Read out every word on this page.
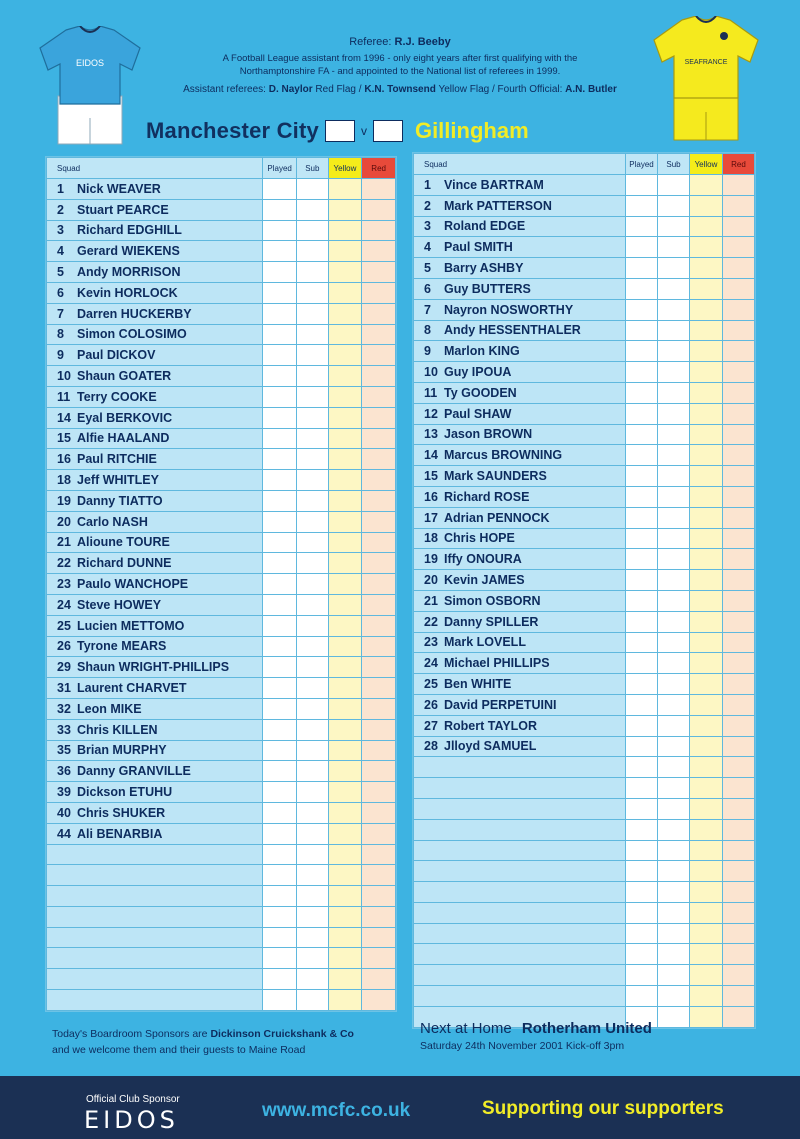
EIDOS	SEAFRANCE
Referee: R.J. Beeby
A Football League assistant from 1996 - only eight years after first qualifying with the Northamptonshire FA - and appointed to the National list of referees in 1999.
Assistant referees: D. Naylor Red Flag / K.N. Townsend Yellow Flag / Fourth Official: A.N. Butler
Manchester City	v Gillingham
Squad	Played	Sub	Yellow	Red
1 Nick WEAVER				
2 Stuart PEARCE				
3 Richard EDGHILL				
4 Gerard WIEKENS				
5 Andy MORRISON				
6 Kevin HORLOCK				
7 Darren HUCKERBY				
8 Simon COLOSIMO				
9 Paul DICKOV				
10 Shaun GOATER				
11 Terry COOKE				
14 Eyal BERKOVIC				
15 Alfie HAALAND				
16 Paul RITCHIE				
18 Jeff WHITLEY				
19 Danny TIATTO				
20 Carlo NASH				
21 Alioune TOURE				
22 Richard DUNNE				
23 Paulo WANCHOPE				
24 Steve HOWEY				
25 Lucien METTOMO				
26 Tyrone MEARS				
29 Shaun WRIGHT-PHILLIPS				
31 Laurent CHARVET				
32 Leon MIKE				
33 Chris KILLEN				
35 Brian MURPHY				
36 Danny GRANVILLE				
39 Dickson ETUHU				
40 Chris SHUKER				
44 Ali BENARBIA				

Squad	Played	Sub	Yellow	Red
1 Vince BARTRAM				
2 Mark PATTERSON				
3 Roland EDGE				
4 Paul SMITH				
5 Barry ASHBY				
6 Guy BUTTERS				
7 Nayron NOSWORTHY				
8 Andy HESSENTHALER				
9 Marlon KING				
10 Guy IPOUA				
11 Ty GOODEN				
12 Paul SHAW				
13 Jason BROWN				
14 Marcus BROWNING				
15 Mark SAUNDERS				
16 Richard ROSE				
17 Adrian PENNOCK				
18 Chris HOPE				
19 Iffy ONOURA				
20 Kevin JAMES				
21 Simon OSBORN				
22 Danny SPILLER				
23 Mark LOVELL				
24 Michael PHILLIPS				
25 Ben WHITE				
26 David PERPETUINI				
27 Robert TAYLOR				
28 Jlloyd SAMUEL				

Today's Boardroom Sponsors are Dickinson Cruickshank & Co
and we welcome them and their guests to Maine Road
Next at Home Rotherham United
Saturday 24th November 2001 Kick-off 3pm
Official Club Sponsor
EIDOS	www.mcfc.co.uk	Supporting our supporters
